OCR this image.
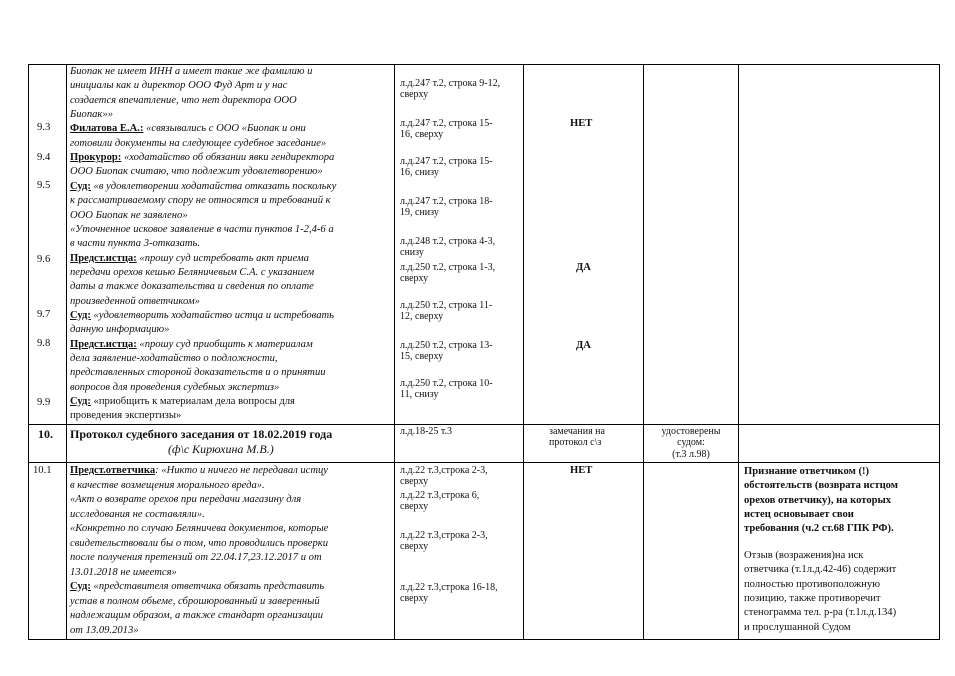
9.3
9.4
9.5
9.6
9.7
9.8
9.9
Биопак не имеет ИНН а имеет такие же фамилию и
инициалы как и директор ООО Фуд Арт и у нас
создается впечатление, что нет директора ООО
Биопак»»
Филатова Е.А.: «связывались с ООО «Биопак и они
готовили документы на следующее судебное заседание»
Прокурор: «ходатайство об обязании явки гендиректора
ООО Биопак считаю, что подлежит удовлетворению»
Суд: «в удовлетворении ходатайства отказать поскольку
к рассматриваемому спору не относятся и требований к
ООО Биопак не заявлено»
«Уточненное исковое заявление в части пунктов 1-2,4-6 а
в части пункта 3-отказать.
Предст.истца: «прошу суд истребовать акт приема
передачи орехов кешью Беляничевым С.А. с указанием
даты а также доказательства и сведения по оплате
произведенной ответчиком»
Суд: «удовлетворить ходатайство истца и истребовать
данную информацию»
Предст.истца: «прошу суд приобщить к материалам
дела заявление-ходатайство о подложности,
представленных стороной доказательств и о принятии
вопросов для проведения судебных экспертиз»
Суд: «приобщить к материалам дела вопросы для
проведения экспертизы»
л.д.247 т.2, строка 9-12,
сверху
л.д.247 т.2, строка 15-
16, сверху
л.д.247 т.2, строка 15-
16, снизу
л.д.247 т.2, строка 18-
19, снизу
л.д.248 т.2, строка 4-3,
снизу
л.д.250 т.2, строка 1-3,
сверху
л.д.250 т.2, строка 11-
12, сверху
л.д.250 т.2, строка 13-
15, сверху
л.д.250 т.2, строка 10-
11, снизу
НЕТ
ДА
ДА
10. Протокол судебного заседания от 18.02.2019 года
(ф\с Кирюхина М.В.)
л.д.18-25 т.3	замечания на
протокол с\з
удостоверены
судом:
(т.3 л.98)
10.1 Предст.ответчика: «Никто и ничего не передавал истцу
в качестве возмещения морального вреда».
«Акт о возврате орехов при передачи магазину для
исследования не составляли».
«Конкретно по случаю Беляничева документов, которые
свидетельствовали бы о том, что проводились проверки
после получения претензий от 22.04.17,23.12.2017 и от
13.01.2018 не имеется»
Суд: «представителя ответчика обязать представить
устав в полном обьеме, сброшюрованный и заверенный
надлежащим образом, а также стандарт организации
от 13.09.2013»
л.д.22 т.3,строка 2-3,
сверху
л.д.22 т.3,строка 6,
сверху
л.д.22 т.3,строка 2-3,
сверху
л.д.22 т.3,строка 16-18,
сверху
НЕТ	Признание ответчиком (!)
обстоятельств (возврата истцом
орехов ответчику), на которых
истец основывает свои
требования (ч.2 ст.68 ГПК РФ).
Отзыв (возражения)на иск
ответчика (т.1л.д.42-46) содержит
полностью противоположную
позицию, также противоречит
стенограмма тел. р-ра (т.1л.д.134)
и прослушанной Судом
